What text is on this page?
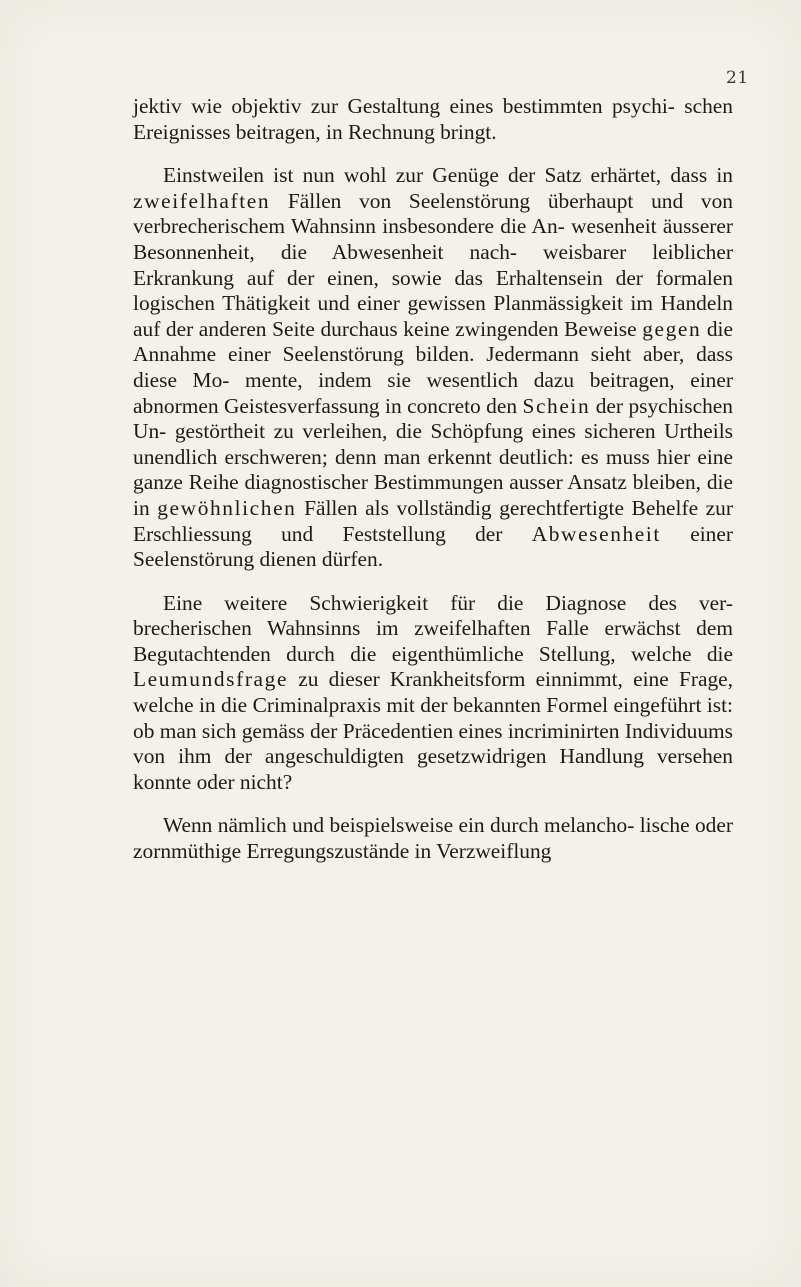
21

jektiv wie objektiv zur Gestaltung eines bestimmten psychi- schen Ereignisses beitragen, in Rechnung bringt.

Einstweilen ist nun wohl zur Genüge der Satz erhärtet, dass in zweifelhaften Fällen von Seelenstörung überhaupt und von verbrecherischem Wahnsinn insbesondere die An- wesenheit äusserer Besonnenheit, die Abwesenheit nach- weisbarer leiblicher Erkrankung auf der einen, sowie das Erhaltensein der formalen logischen Thätigkeit und einer gewissen Planmässigkeit im Handeln auf der anderen Seite durchaus keine zwingenden Beweise gegen die Annahme einer Seelenstörung bilden. Jedermann sieht aber, dass diese Mo- mente, indem sie wesentlich dazu beitragen, einer abnormen Geistesverfassung in concreto den Schein der psychischen Un- gestörtheit zu verleihen, die Schöpfung eines sicheren Urtheils unendlich erschweren; denn man erkennt deutlich: es muss hier eine ganze Reihe diagnostischer Bestimmungen ausser Ansatz bleiben, die in gewöhnlichen Fällen als vollständig gerechtfertigte Behelfe zur Erschliessung und Feststellung der Abwesenheit einer Seelenstörung dienen dürfen.

Eine weitere Schwierigkeit für die Diagnose des ver- brecherischen Wahnsinns im zweifelhaften Falle erwächst dem Begutachtenden durch die eigenthümliche Stellung, welche die Leumundsfrage zu dieser Krankheitsform einnimmt, eine Frage, welche in die Criminalpraxis mit der bekannten Formel eingeführt ist: ob man sich gemäss der Präcedentien eines incriminirten Individuums von ihm der angeschuldigten gesetzwidrigen Handlung versehen konnte oder nicht?

Wenn nämlich und beispielsweise ein durch melancho- lische oder zornmüthige Erregungszustände in Verzweiflung
